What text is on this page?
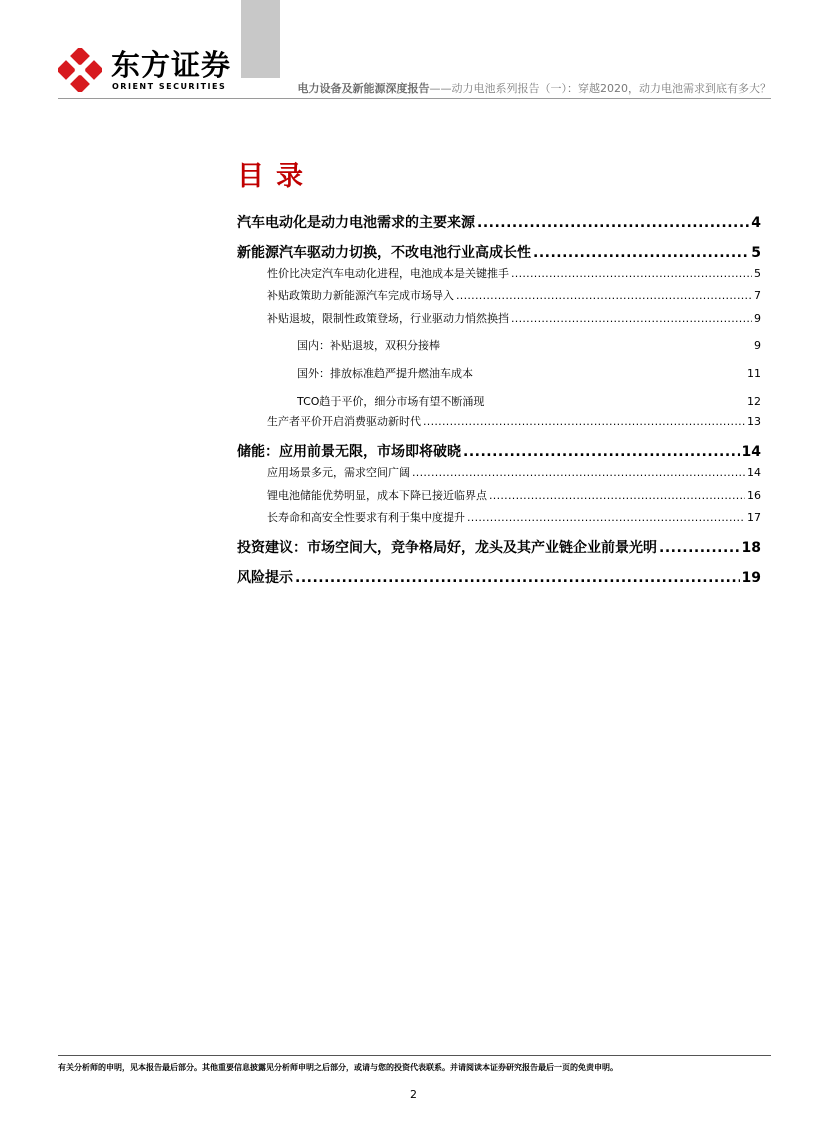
东方证券
ORIENT SECURITIES	电力设备及新能源深度报告——动力电池系列报告（一）：穿越2020，动力电池需求到底有多大？
目录
汽车电动化是动力电池需求的主要来源 .....	4
新能源汽车驱动力切换，不改电池行业高成长性 .....	5
性价比决定汽车电动化进程，电池成本是关键推手 .....	5
补贴政策助力新能源汽车完成市场导入 .....	7
补贴退坡，限制性政策登场，行业驱动力悄然换挡 .....	9
国内：补贴退坡，双积分接棒	9
国外：排放标准趋严提升燃油车成本	11
TCO趋于平价，细分市场有望不断涌现	12
生产者平价开启消费驱动新时代 .....	13
储能：应用前景无限，市场即将破晓 .....	14
应用场景多元，需求空间广阔 .....	14
锂电池储能优势明显，成本下降已接近临界点 .....	16
长寿命和高安全性要求有利于集中度提升 .....	17
投资建议：市场空间大，竞争格局好，龙头及其产业链企业前景光明 .....	18
风险提示 .....	19
有关分析师的申明，见本报告最后部分。其他重要信息披露见分析师申明之后部分，或请与您的投资代表联系。并请阅读本证券研究报告最后一页的免责申明。
2
